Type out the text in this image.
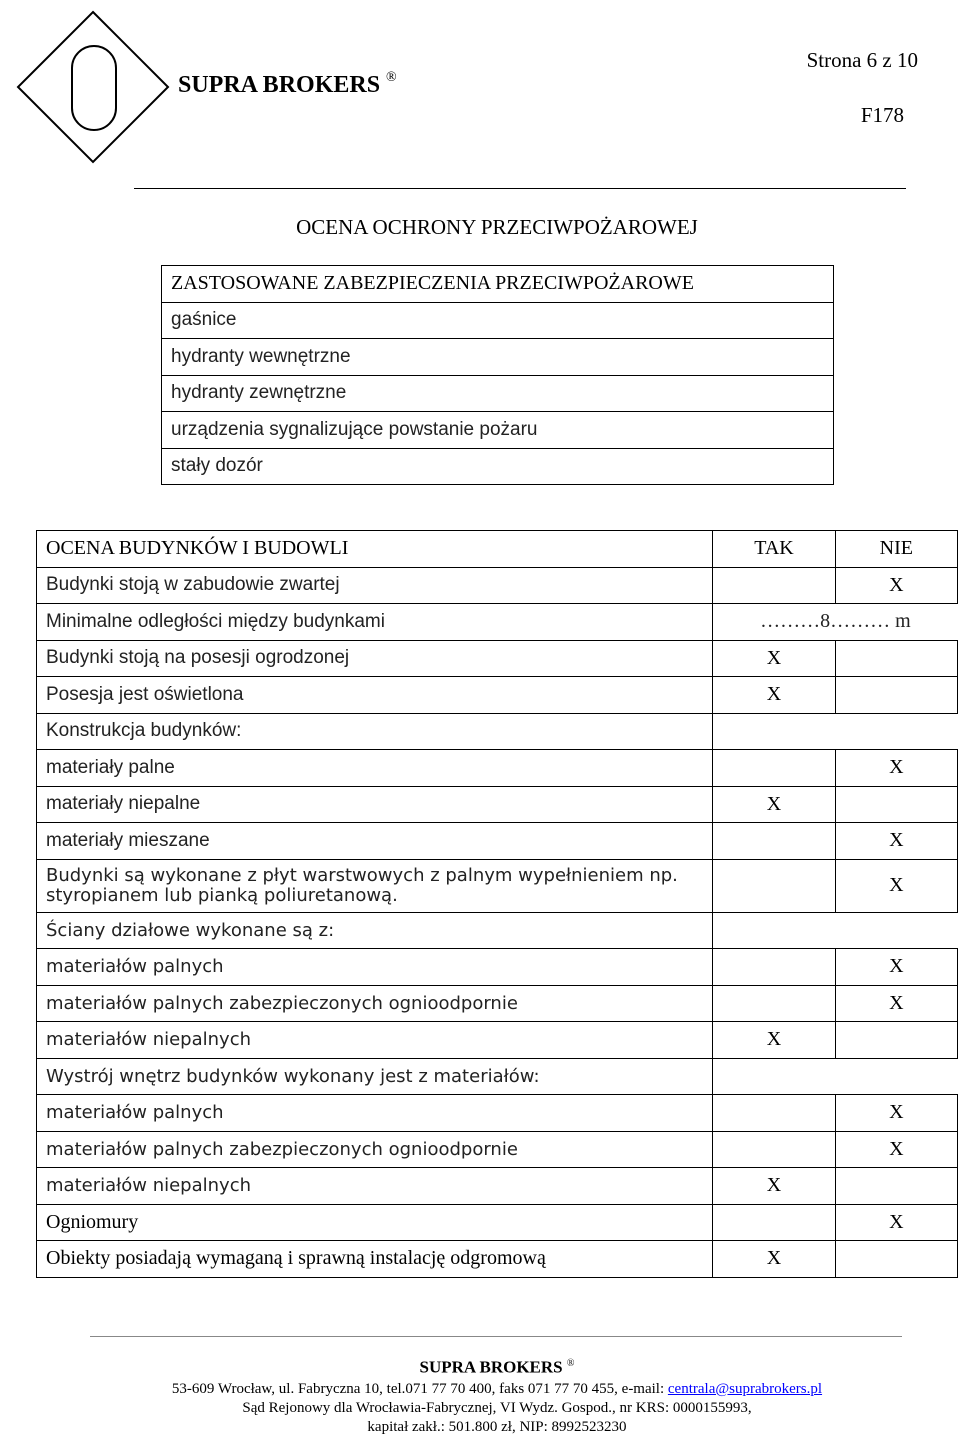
SUPRA BROKERS ®
Strona 6 z 10
F178
OCENA OCHRONY PRZECIWPOŻAROWEJ
ZASTOSOWANE ZABEZPIECZENIA PRZECIWPOŻAROWE
gaśnice
hydranty wewnętrzne
hydranty zewnętrzne
urządzenia sygnalizujące powstanie pożaru
stały dozór
OCENA BUDYNKÓW I BUDOWLI	TAK	NIE
Budynki stoją w zabudowie zwartej		X
Minimalne odległości między budynkami	………8……… m	
Budynki stoją na posesji ogrodzonej	X	
Posesja jest oświetlona	X	
Konstrukcja budynków:		
materiały palne		X
materiały niepalne	X	
materiały mieszane		X
Budynki są wykonane z płyt warstwowych z palnym wypełnieniem np. styropianem lub pianką poliuretanową.		X
Ściany działowe wykonane są z:		
materiałów palnych		X
materiałów palnych zabezpieczonych ognioodpornie		X
materiałów niepalnych	X	
Wystrój wnętrz budynków wykonany jest z materiałów:		
materiałów palnych		X
materiałów palnych zabezpieczonych ognioodpornie		X
materiałów niepalnych	X	
Ogniomury		X
Obiekty posiadają wymaganą i sprawną instalację odgromową	X	
SUPRA BROKERS ®
53-609 Wrocław, ul. Fabryczna 10, tel.071 77 70 400, faks 071 77 70 455, e-mail: centrala@suprabrokers.pl
Sąd Rejonowy dla Wrocławia-Fabrycznej, VI Wydz. Gospod., nr KRS: 0000155993,
kapitał zakł.: 501.800 zł, NIP: 8992523230
